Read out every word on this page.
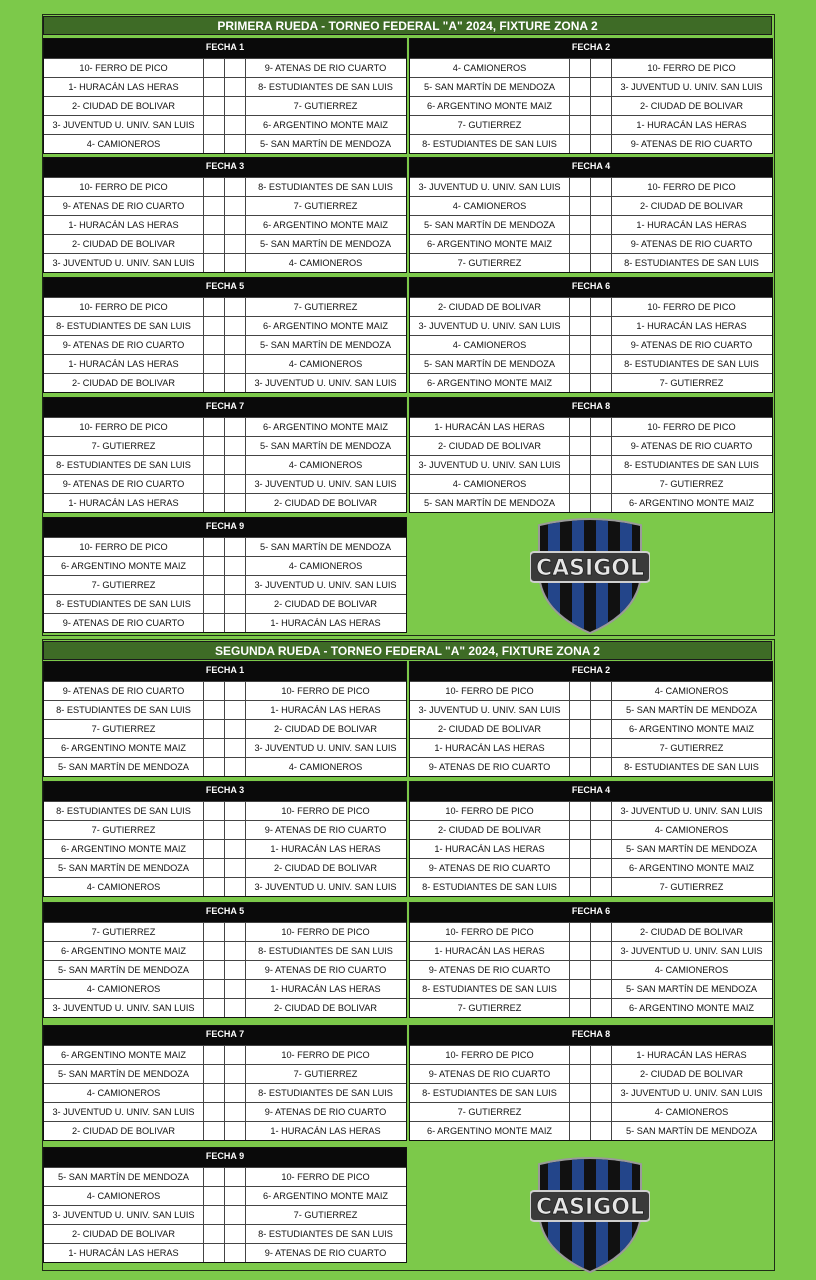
PRIMERA RUEDA - TORNEO FEDERAL "A" 2024, FIXTURE ZONA 2
FECHA 1
10- FERRO DE PICO	9- ATENAS DE RIO CUARTO
1- HURACÁN LAS HERAS	8- ESTUDIANTES DE SAN LUIS
2- CIUDAD DE BOLIVAR	7- GUTIERREZ
3- JUVENTUD U. UNIV. SAN LUIS	6- ARGENTINO MONTE MAIZ
4- CAMIONEROS	5- SAN MARTÍN DE MENDOZA
FECHA 2
4- CAMIONEROS	10- FERRO DE PICO
5- SAN MARTÍN DE MENDOZA	3- JUVENTUD U. UNIV. SAN LUIS
6- ARGENTINO MONTE MAIZ	2- CIUDAD DE BOLIVAR
7- GUTIERREZ	1- HURACÁN LAS HERAS
8- ESTUDIANTES DE SAN LUIS	9- ATENAS DE RIO CUARTO
FECHA 3
10- FERRO DE PICO	8- ESTUDIANTES DE SAN LUIS
9- ATENAS DE RIO CUARTO	7- GUTIERREZ
1- HURACÁN LAS HERAS	6- ARGENTINO MONTE MAIZ
2- CIUDAD DE BOLIVAR	5- SAN MARTÍN DE MENDOZA
3- JUVENTUD U. UNIV. SAN LUIS	4- CAMIONEROS
FECHA 4
3- JUVENTUD U. UNIV. SAN LUIS	10- FERRO DE PICO
4- CAMIONEROS	2- CIUDAD DE BOLIVAR
5- SAN MARTÍN DE MENDOZA	1- HURACÁN LAS HERAS
6- ARGENTINO MONTE MAIZ	9- ATENAS DE RIO CUARTO
7- GUTIERREZ	8- ESTUDIANTES DE SAN LUIS
FECHA 5
10- FERRO DE PICO	7- GUTIERREZ
8- ESTUDIANTES DE SAN LUIS	6- ARGENTINO MONTE MAIZ
9- ATENAS DE RIO CUARTO	5- SAN MARTÍN DE MENDOZA
1- HURACÁN LAS HERAS	4- CAMIONEROS
2- CIUDAD DE BOLIVAR	3- JUVENTUD U. UNIV. SAN LUIS
FECHA 6
2- CIUDAD DE BOLIVAR	10- FERRO DE PICO
3- JUVENTUD U. UNIV. SAN LUIS	1- HURACÁN LAS HERAS
4- CAMIONEROS	9- ATENAS DE RIO CUARTO
5- SAN MARTÍN DE MENDOZA	8- ESTUDIANTES DE SAN LUIS
6- ARGENTINO MONTE MAIZ	7- GUTIERREZ
FECHA 7
10- FERRO DE PICO	6- ARGENTINO MONTE MAIZ
7- GUTIERREZ	5- SAN MARTÍN DE MENDOZA
8- ESTUDIANTES DE SAN LUIS	4- CAMIONEROS
9- ATENAS DE RIO CUARTO	3- JUVENTUD U. UNIV. SAN LUIS
1- HURACÁN LAS HERAS	2- CIUDAD DE BOLIVAR
FECHA 8
1- HURACÁN LAS HERAS	10- FERRO DE PICO
2- CIUDAD DE BOLIVAR	9- ATENAS DE RIO CUARTO
3- JUVENTUD U. UNIV. SAN LUIS	8- ESTUDIANTES DE SAN LUIS
4- CAMIONEROS	7- GUTIERREZ
5- SAN MARTÍN DE MENDOZA	6- ARGENTINO MONTE MAIZ
FECHA 9
10- FERRO DE PICO	5- SAN MARTÍN DE MENDOZA
6- ARGENTINO MONTE MAIZ	4- CAMIONEROS
7- GUTIERREZ	3- JUVENTUD U. UNIV. SAN LUIS
8- ESTUDIANTES DE SAN LUIS	2- CIUDAD DE BOLIVAR
9- ATENAS DE RIO CUARTO	1- HURACÁN LAS HERAS
CASIGOL
SEGUNDA RUEDA - TORNEO FEDERAL "A" 2024, FIXTURE ZONA 2
FECHA 1
9- ATENAS DE RIO CUARTO	10- FERRO DE PICO
8- ESTUDIANTES DE SAN LUIS	1- HURACÁN LAS HERAS
7- GUTIERREZ	2- CIUDAD DE BOLIVAR
6- ARGENTINO MONTE MAIZ	3- JUVENTUD U. UNIV. SAN LUIS
5- SAN MARTÍN DE MENDOZA	4- CAMIONEROS
FECHA 2
10- FERRO DE PICO	4- CAMIONEROS
3- JUVENTUD U. UNIV. SAN LUIS	5- SAN MARTÍN DE MENDOZA
2- CIUDAD DE BOLIVAR	6- ARGENTINO MONTE MAIZ
1- HURACÁN LAS HERAS	7- GUTIERREZ
9- ATENAS DE RIO CUARTO	8- ESTUDIANTES DE SAN LUIS
FECHA 3
8- ESTUDIANTES DE SAN LUIS	10- FERRO DE PICO
7- GUTIERREZ	9- ATENAS DE RIO CUARTO
6- ARGENTINO MONTE MAIZ	1- HURACÁN LAS HERAS
5- SAN MARTÍN DE MENDOZA	2- CIUDAD DE BOLIVAR
4- CAMIONEROS	3- JUVENTUD U. UNIV. SAN LUIS
FECHA 4
10- FERRO DE PICO	3- JUVENTUD U. UNIV. SAN LUIS
2- CIUDAD DE BOLIVAR	4- CAMIONEROS
1- HURACÁN LAS HERAS	5- SAN MARTÍN DE MENDOZA
9- ATENAS DE RIO CUARTO	6- ARGENTINO MONTE MAIZ
8- ESTUDIANTES DE SAN LUIS	7- GUTIERREZ
FECHA 5
7- GUTIERREZ	10- FERRO DE PICO
6- ARGENTINO MONTE MAIZ	8- ESTUDIANTES DE SAN LUIS
5- SAN MARTÍN DE MENDOZA	9- ATENAS DE RIO CUARTO
4- CAMIONEROS	1- HURACÁN LAS HERAS
3- JUVENTUD U. UNIV. SAN LUIS	2- CIUDAD DE BOLIVAR
FECHA 6
10- FERRO DE PICO	2- CIUDAD DE BOLIVAR
1- HURACÁN LAS HERAS	3- JUVENTUD U. UNIV. SAN LUIS
9- ATENAS DE RIO CUARTO	4- CAMIONEROS
8- ESTUDIANTES DE SAN LUIS	5- SAN MARTÍN DE MENDOZA
7- GUTIERREZ	6- ARGENTINO MONTE MAIZ
FECHA 7
6- ARGENTINO MONTE MAIZ	10- FERRO DE PICO
5- SAN MARTÍN DE MENDOZA	7- GUTIERREZ
4- CAMIONEROS	8- ESTUDIANTES DE SAN LUIS
3- JUVENTUD U. UNIV. SAN LUIS	9- ATENAS DE RIO CUARTO
2- CIUDAD DE BOLIVAR	1- HURACÁN LAS HERAS
FECHA 8
10- FERRO DE PICO	1- HURACÁN LAS HERAS
9- ATENAS DE RIO CUARTO	2- CIUDAD DE BOLIVAR
8- ESTUDIANTES DE SAN LUIS	3- JUVENTUD U. UNIV. SAN LUIS
7- GUTIERREZ	4- CAMIONEROS
6- ARGENTINO MONTE MAIZ	5- SAN MARTÍN DE MENDOZA
FECHA 9
5- SAN MARTÍN DE MENDOZA	10- FERRO DE PICO
4- CAMIONEROS	6- ARGENTINO MONTE MAIZ
3- JUVENTUD U. UNIV. SAN LUIS	7- GUTIERREZ
2- CIUDAD DE BOLIVAR	8- ESTUDIANTES DE SAN LUIS
1- HURACÁN LAS HERAS	9- ATENAS DE RIO CUARTO
CASIGOL
